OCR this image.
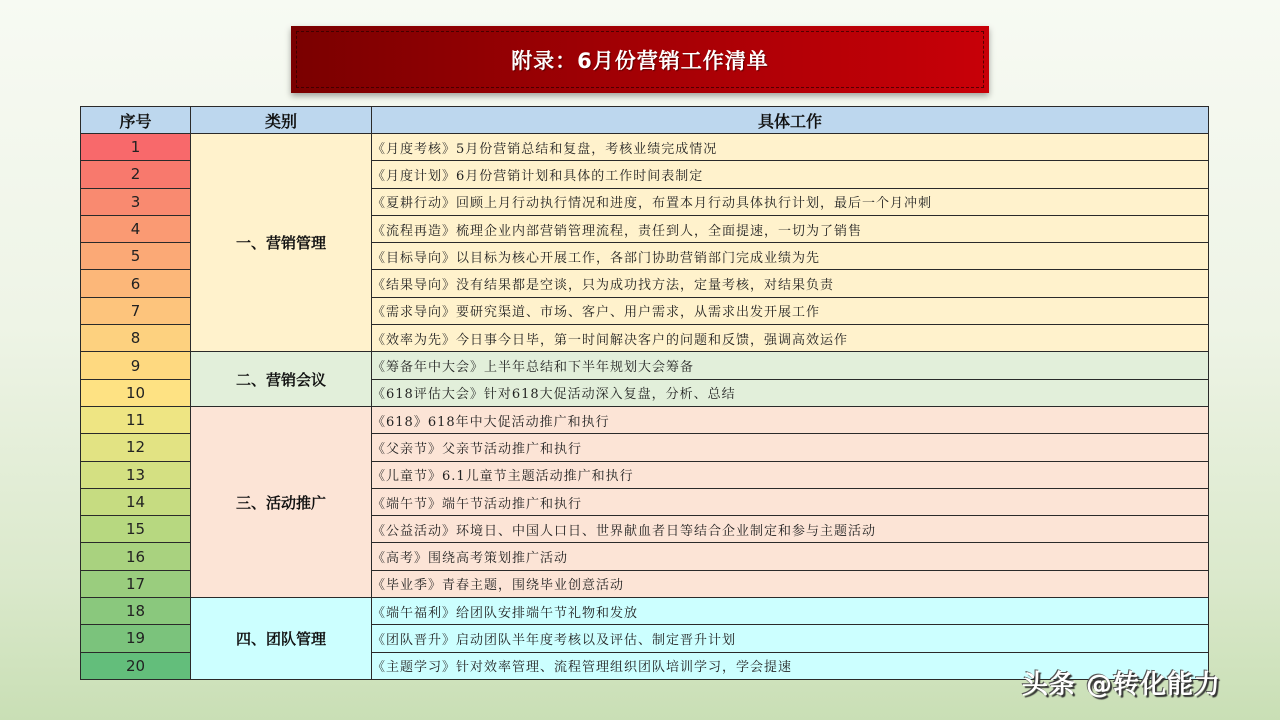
附录：6月份营销工作清单
序号	类别	具体工作
1	一、营销管理	《月度考核》5月份营销总结和复盘，考核业绩完成情况
2		《月度计划》6月份营销计划和具体的工作时间表制定
3		《夏耕行动》回顾上月行动执行情况和进度，布置本月行动具体执行计划，最后一个月冲刺
4		《流程再造》梳理企业内部营销管理流程，责任到人，全面提速，一切为了销售
5		《目标导向》以目标为核心开展工作，各部门协助营销部门完成业绩为先
6		《结果导向》没有结果都是空谈，只为成功找方法，定量考核，对结果负责
7		《需求导向》要研究渠道、市场、客户、用户需求，从需求出发开展工作
8		《效率为先》今日事今日毕，第一时间解决客户的问题和反馈，强调高效运作
9	二、营销会议	《筹备年中大会》上半年总结和下半年规划大会筹备
10		《618评估大会》针对618大促活动深入复盘，分析、总结
11	三、活动推广	《618》618年中大促活动推广和执行
12		《父亲节》父亲节活动推广和执行
13		《儿童节》6.1儿童节主题活动推广和执行
14		《端午节》端午节活动推广和执行
15		《公益活动》环境日、中国人口日、世界献血者日等结合企业制定和参与主题活动
16		《高考》围绕高考策划推广活动
17		《毕业季》青春主题，围绕毕业创意活动
18	四、团队管理	《端午福利》给团队安排端午节礼物和发放
19		《团队晋升》启动团队半年度考核以及评估、制定晋升计划
20		《主题学习》针对效率管理、流程管理组织团队培训学习，学会提速
头条 @转化能力
